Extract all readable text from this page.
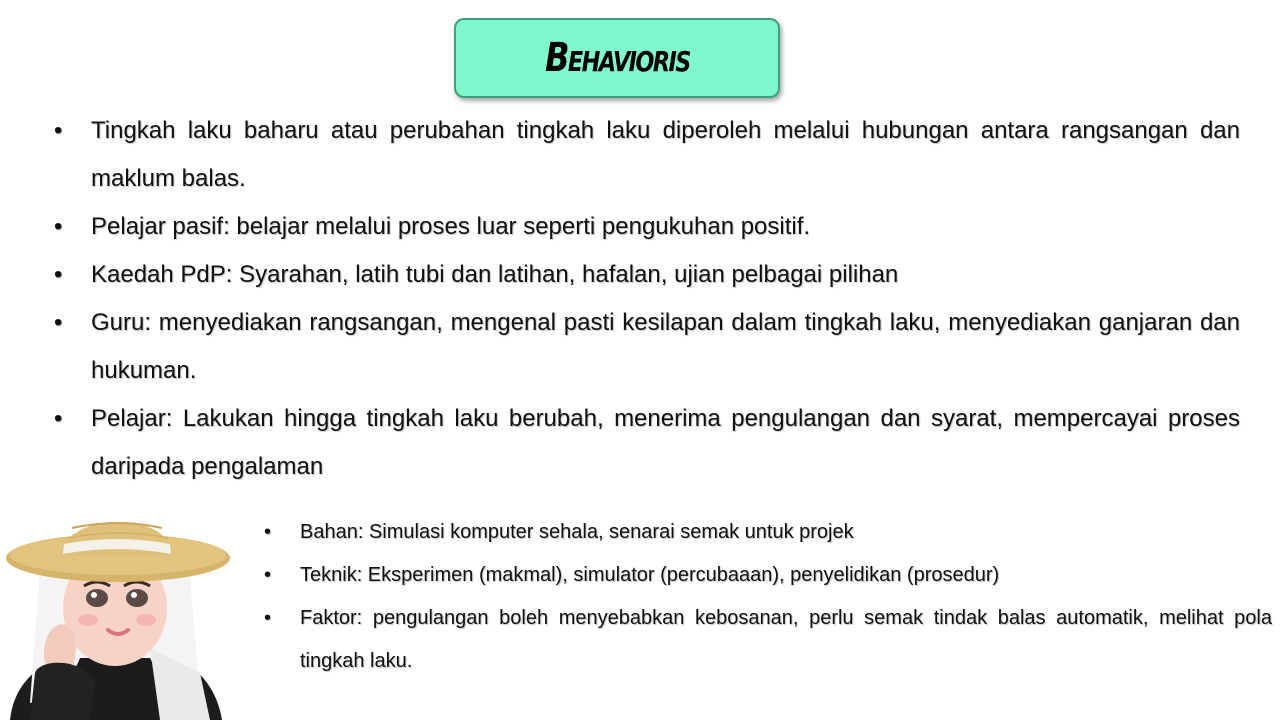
Behavioris
• Tingkah laku baharu atau perubahan tingkah laku diperoleh melalui hubungan antara rangsangan dan maklum balas.
• Pelajar pasif: belajar melalui proses luar seperti pengukuhan positif.
• Kaedah PdP: Syarahan, latih tubi dan latihan, hafalan, ujian pelbagai pilihan
• Guru: menyediakan rangsangan, mengenal pasti kesilapan dalam tingkah laku, menyediakan ganjaran dan hukuman.
• Pelajar: Lakukan hingga tingkah laku berubah, menerima pengulangan dan syarat, mempercayai proses daripada pengalaman
• Bahan: Simulasi komputer sehala, senarai semak untuk projek
• Teknik: Eksperimen (makmal), simulator (percubaaan), penyelidikan (prosedur)
• Faktor: pengulangan boleh menyebabkan kebosanan, perlu semak tindak balas automatik, melihat pola tingkah laku.
